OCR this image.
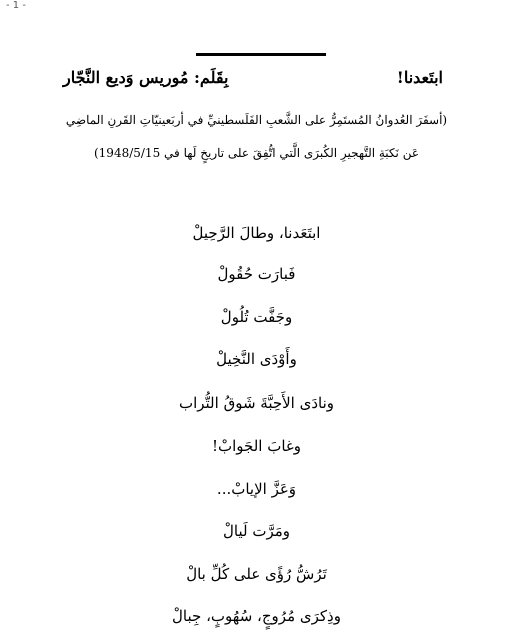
- 1 -
ابتَعدنا!
بِقَلَم: مُوريس وَديع النَّجّار
(أسفَرَ العُدوانُ المُستَمِرُّ على الشَّعبِ الفَلَسطينيِّ في أربَعينيّاتِ القَرنِ الماضِي
عَن نَكبَةِ التَّهجيرِ الكُبرَى الَّتي اتُّفِقَ على تاريخٍ لَها في 1948/5/15)
ابتَعَدنا، وطالَ الرَّحِيلْ
فَبارَت حُقُولْ
وجَفَّت تُلُولْ
وأَوْدَى النَّخِيلْ
ونادَى الأَحِبَّةَ شَوقُ التُّراب
وغابَ الجَوابْ!
وَعَزَّ الإيابْ...
ومَرَّت لَيالْ
تَرُشُّ رُؤًى على كُلِّ بالْ
وذِكرَى مُرُوجٍ، سُهُوبٍ، جِبالْ
